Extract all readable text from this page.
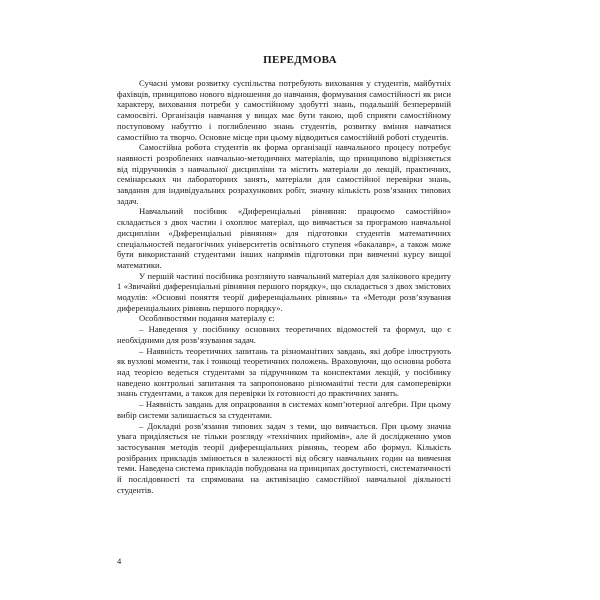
ПЕРЕДМОВА

Сучасні умови розвитку суспільства потребують виховання у студентів, майбутніх фахівців, принципово нового відношення до навчання, формування самостійності як риси характеру, виховання потреби у самостійному здобутті знань, подальшій безперервній самоосвіті. Організація навчання у вищах має бути такою, щоб сприяти самостійному поступовому набуттю і поглибленню знань студентів, розвитку вміння навчатися самостійно та творчо. Основне місце при цьому відводиться самостійній роботі студентів.

Самостійна робота студентів як форма організації навчального процесу потребує наявності розроблених навчально-методичних матеріалів, що принципово відрізняється від підручників з навчальної дисципліни та містить матеріали до лекцій, практичних, семінарських чи лабораторних занять, матеріали для самостійної перевірки знань, завдання для індивідуальних розрахункових робіт, значну кількість розв’язаних типових задач.

Навчальний посібник «Диференціальні рівняння: працюємо самостійно» складається з двох частин і охоплює матеріал, що вивчається за програмою навчальної дисципліни «Диференціальні рівняння» для підготовки студентів математичних спеціальностей педагогічних університетів освітнього ступеня «бакалавр», а також може бути використаний студентами інших напрямів підготовки при вивченні курсу вищої математики.

У першій частині посібника розглянуто навчальний матеріал для залікового кредиту 1 «Звичайні диференціальні рівняння першого порядку», що складається з двох змістових модулів: «Основні поняття теорії диференціальних рівнянь» та «Методи розв’язування диференціальних рівнянь першого порядку».

Особливостями подання матеріалу є:

– Наведення у посібнику основних теоретичних відомостей та формул, що є необхідними для розв’язування задач.

– Наявність теоретичних запитань та різноманітних завдань, які добре ілюструють як вузлові моменти, так і тонкощі теоретичних положень. Враховуючи, що основна робота над теорією ведеться студентами за підручником та конспектами лекцій, у посібнику наведено контрольні запитання та запропоновано різноманітні тести для самоперевірки знань студентами, а також для перевірки їх готовності до практичних занять.

– Наявність завдань для опрацювання в системах комп’ютерної алгебри. При цьому вибір системи залишається за студентами.

– Докладні розв’язання типових задач з теми, що вивчається. При цьому значна увага приділяється не тільки розгляду «технічних прийомів», але й дослідженню умов застосування методів теорії диференціальних рівнянь, теорем або формул. Кількість розібраних прикладів змінюється в залежності від обсягу навчальних годин на вивчення теми. Наведена система прикладів побудована на принципах доступності, систематичності й послідовності та спрямована на активізацію самостійної навчальної діяльності студентів.

4
